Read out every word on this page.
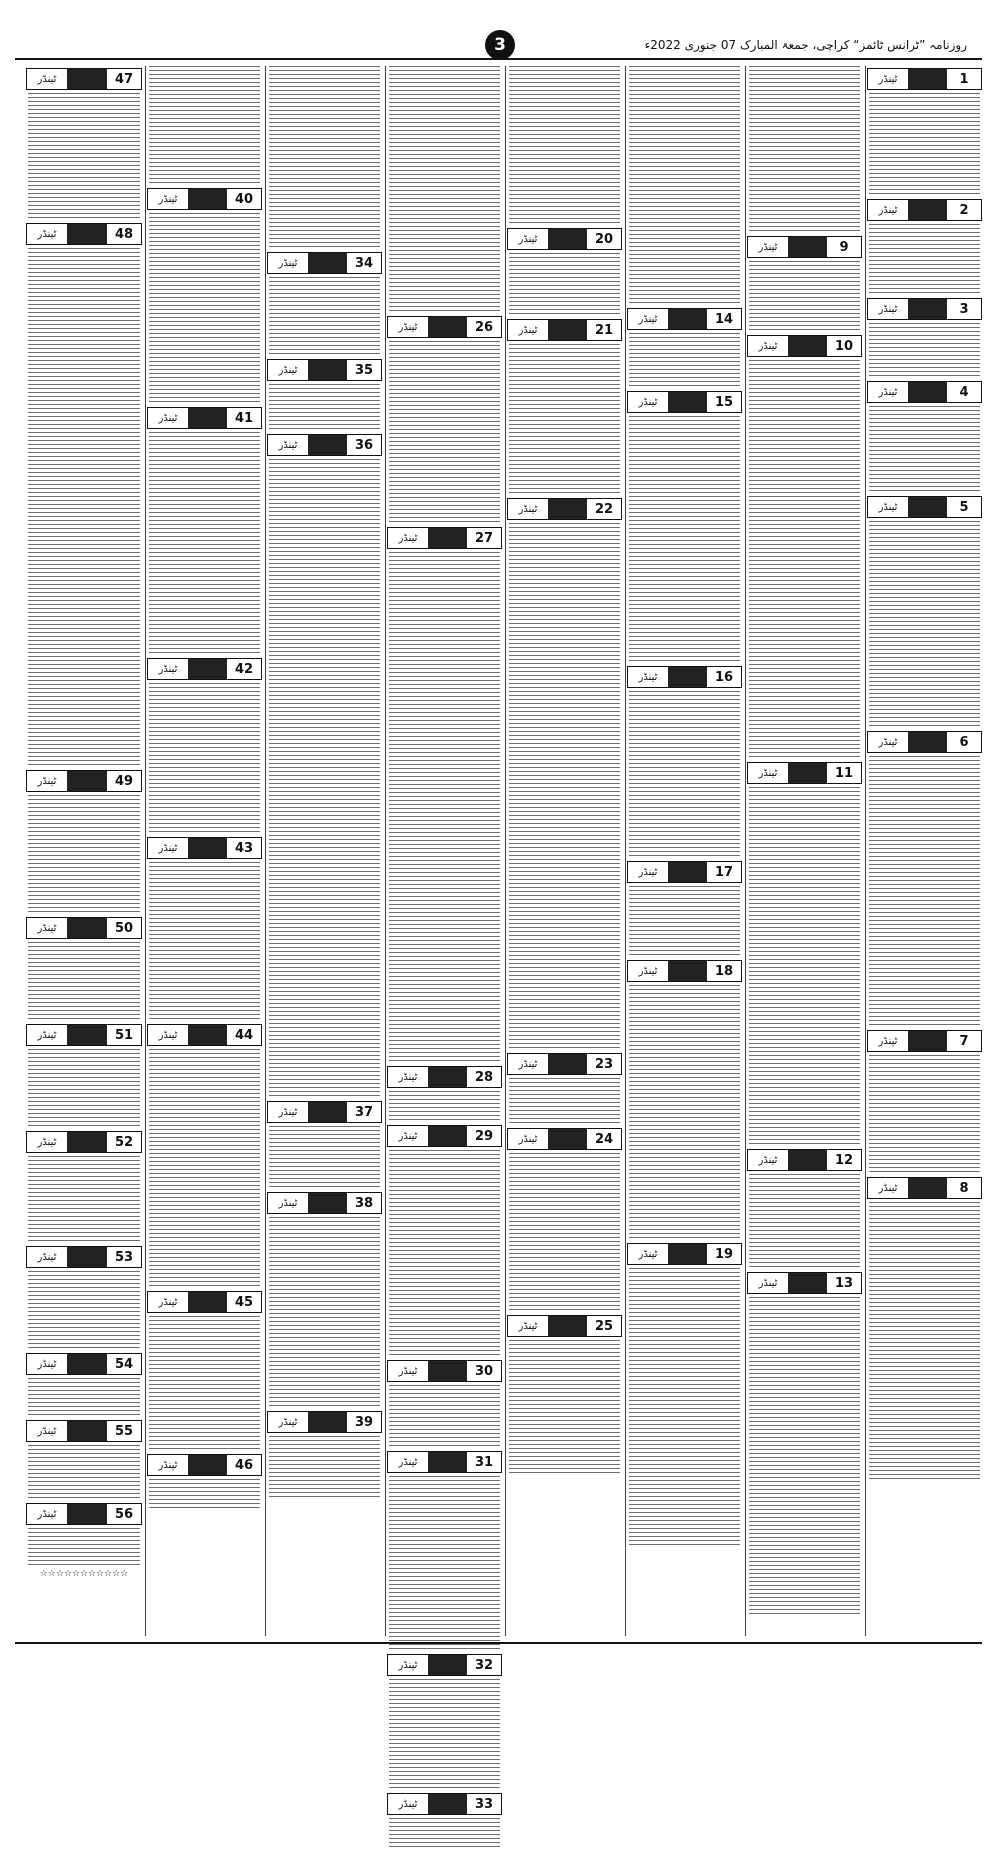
روزنامہ ”ٹرانس ٹائمز“ کراچی، جمعۃ المبارک 07 جنوری 2022ء
3
ٹینڈر	1
ٹینڈر	2
ٹینڈر	3
ٹینڈر	4
ٹینڈر	5
ٹینڈر	6
ٹینڈر	7
ٹینڈر	8
ٹینڈر	9
ٹینڈر	10
ٹینڈر	11
ٹینڈر	12
ٹینڈر	13
ٹینڈر	14
ٹینڈر	15
ٹینڈر	16
ٹینڈر	17
ٹینڈر	18
ٹینڈر	19
ٹینڈر	20
ٹینڈر	21
ٹینڈر	22
ٹینڈر	23
ٹینڈر	24
ٹینڈر	25
ٹینڈر	26
ٹینڈر	27
ٹینڈر	28
ٹینڈر	29
ٹینڈر	30
ٹینڈر	31
ٹینڈر	32
ٹینڈر	33
ٹینڈر	34
ٹینڈر	35
ٹینڈر	36
ٹینڈر	37
ٹینڈر	38
ٹینڈر	39
ٹینڈر	40
ٹینڈر	41
ٹینڈر	42
ٹینڈر	43
ٹینڈر	44
ٹینڈر	45
ٹینڈر	46
ٹینڈر	47
ٹینڈر	48
ٹینڈر	49
ٹینڈر	50
ٹینڈر	51
ٹینڈر	52
ٹینڈر	53
ٹینڈر	54
ٹینڈر	55
ٹینڈر	56
☆☆☆☆☆☆☆☆☆☆☆
